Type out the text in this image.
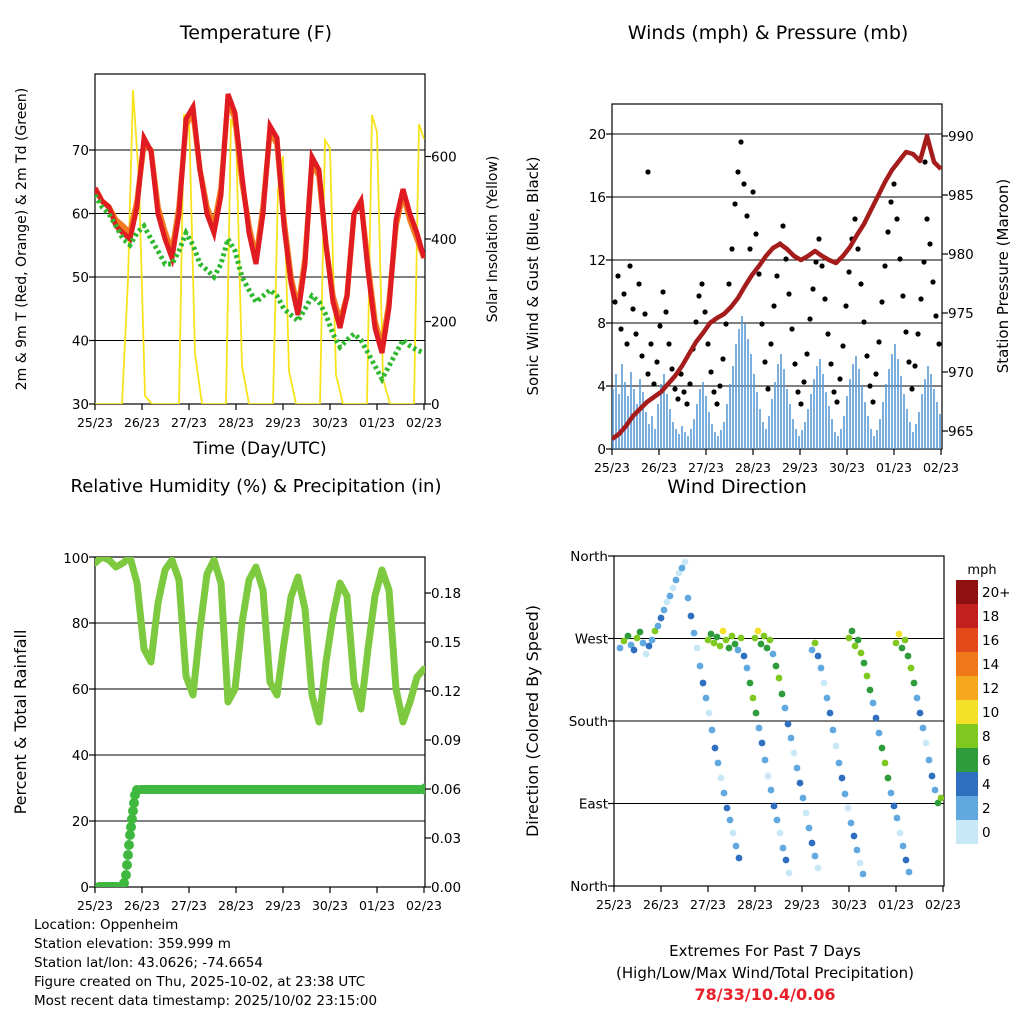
Temperature (F)
30
40
50
60
70
0
200
400
600
25/23 26/23 27/23 28/23 29/23 30/23 01/23 02/23
Time (Day/UTC)
2m & 9m T (Red, Orange) & 2m Td (Green)	Solar Insolation (Yellow)
Winds (mph) & Pressure (mb)
0
4
8
12
16
20
965
970
975
980
985
990
25/23 26/23 27/23 28/23 29/23 30/23 01/23 02/23
Sonic Wind & Gust (Blue, Black)	Station Pressure (Maroon)
Relative Humidity (%) & Precipitation (in)
0
20
40
60
80
100
0.00
0.03
0.06
0.09
0.12
0.15
0.18
25/23 26/23 27/23 28/23 29/23 30/23 01/23 02/23
Percent & Total Rainfall
Wind Direction
North
West
South
East
North
25/23 26/23 27/23 28/23 29/23 30/23 01/23 02/23
Direction (Colored By Speed)
mph
20+
18
16
14
12
10
8
6
4
2
0
Location: Oppenheim
Station elevation: 359.999 m
Station lat/lon: 43.0626; -74.6654
Figure created on Thu, 2025-10-02, at 23:38 UTC
Most recent data timestamp: 2025/10/02 23:15:00
Extremes For Past 7 Days
(High/Low/Max Wind/Total Precipitation)
78/33/10.4/0.06
